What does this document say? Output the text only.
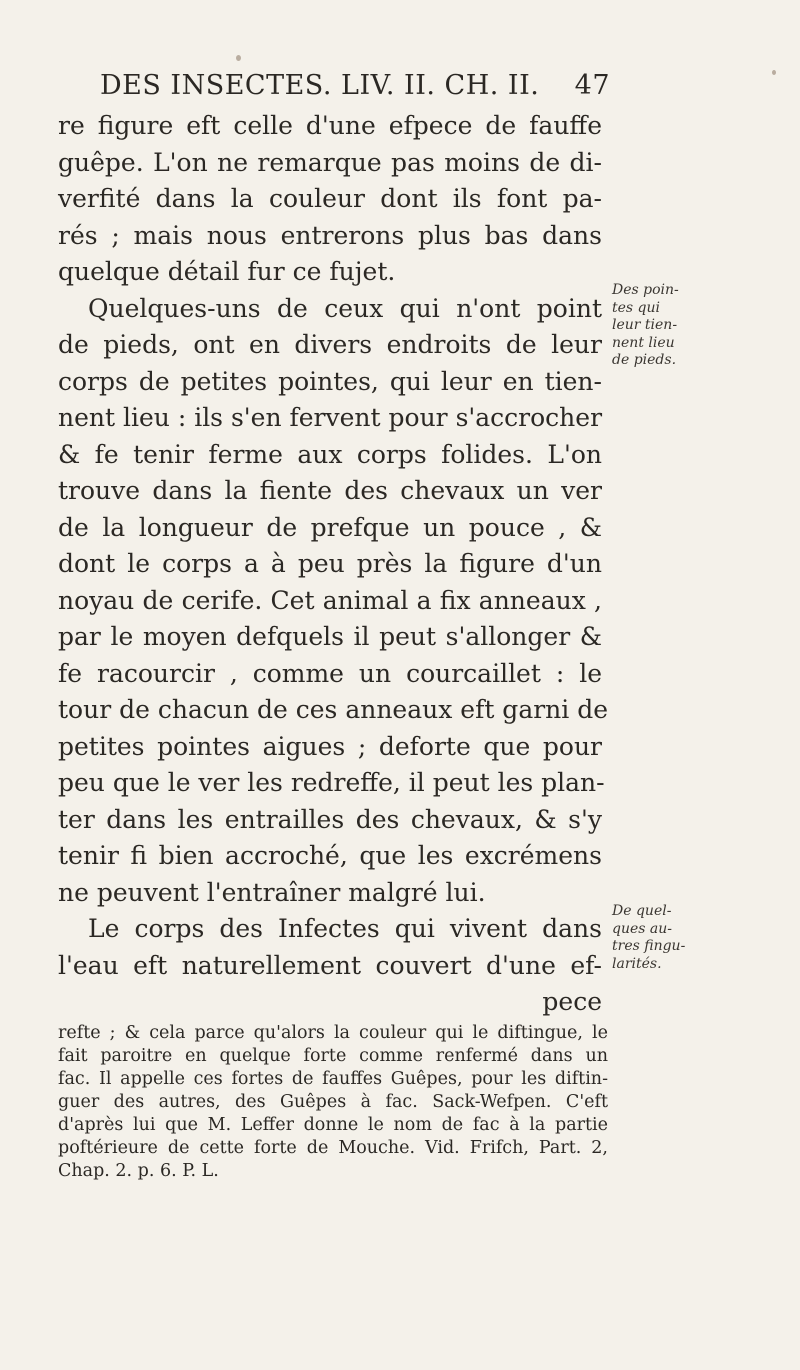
DES INSECTES. LIV. II. CH. II. 47
re figure eft celle d'une efpece de fauffe
guêpe. L'on ne remarque pas moins de di-
verfité dans la couleur dont ils font pa-
rés ; mais nous entrerons plus bas dans
quelque détail fur ce fujet.
Quelques-uns de ceux qui n'ont point
de pieds, ont en divers endroits de leur
corps de petites pointes, qui leur en tien-
nent lieu : ils s'en fervent pour s'accrocher
& fe tenir ferme aux corps folides. L'on
trouve dans la fiente des chevaux un ver
de la longueur de prefque un pouce , &
dont le corps a à peu près la figure d'un
noyau de cerife. Cet animal a fix anneaux ,
par le moyen defquels il peut s'allonger &
fe racourcir , comme un courcaillet : le
tour de chacun de ces anneaux eft garni de
petites pointes aigues ; deforte que pour
peu que le ver les redreffe, il peut les plan-
ter dans les entrailles des chevaux, & s'y
tenir fi bien accroché, que les excrémens
ne peuvent l'entraîner malgré lui.
Le corps des Infectes qui vivent dans
l'eau eft naturellement couvert d'une ef-
pece
Des poin-
tes qui
leur tien-
nent lieu
de pieds.
De quel-
ques au-
tres fingu-
larités.
refte ; & cela parce qu'alors la couleur qui le diftingue, le
fait paroitre en quelque forte comme renfermé dans un
fac. Il appelle ces fortes de fauffes Guêpes, pour les diftin-
guer des autres, des Guêpes à fac. Sack-Wefpen. C'eft
d'après lui que M. Leffer donne le nom de fac à la partie
poftérieure de cette forte de Mouche. Vid. Frifch, Part. 2,
Chap. 2. p. 6. P. L.
